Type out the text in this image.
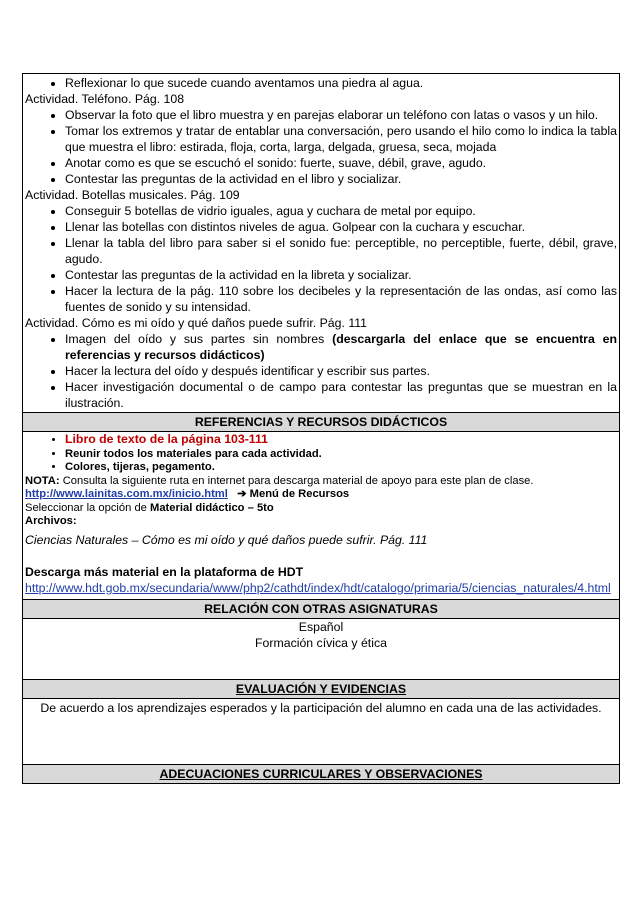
• Reflexionar lo que sucede cuando aventamos una piedra al agua.
Actividad. Teléfono. Pág. 108
• Observar la foto que el libro muestra y en parejas elaborar un teléfono con latas o vasos y un hilo.
• Tomar los extremos y tratar de entablar una conversación, pero usando el hilo como lo indica la tabla que muestra el libro: estirada, floja, corta, larga, delgada, gruesa, seca, mojada
• Anotar como es que se escuchó el sonido: fuerte, suave, débil, grave, agudo.
• Contestar las preguntas de la actividad en el libro y socializar.
Actividad. Botellas musicales. Pág. 109
• Conseguir 5 botellas de vidrio iguales, agua y cuchara de metal por equipo.
• Llenar las botellas con distintos niveles de agua. Golpear con la cuchara y escuchar.
• Llenar la tabla del libro para saber si el sonido fue: perceptible, no perceptible, fuerte, débil, grave, agudo.
• Contestar las preguntas de la actividad en la libreta y socializar.
• Hacer la lectura de la pág. 110 sobre los decibeles y la representación de las ondas, así como las fuentes de sonido y su intensidad.
Actividad. Cómo es mi oído y qué daños puede sufrir. Pág. 111
• Imagen del oído y sus partes sin nombres (descargarla del enlace que se encuentra en referencias y recursos didácticos)
• Hacer la lectura del oído y después identificar y escribir sus partes.
• Hacer investigación documental o de campo para contestar las preguntas que se muestran en la ilustración.

REFERENCIAS Y RECURSOS DIDÁCTICOS

• Libro de texto de la página 103-111
• Reunir todos los materiales para cada actividad.
• Colores, tijeras, pegamento.
NOTA: Consulta la siguiente ruta en internet para descarga material de apoyo para este plan de clase.
http://www.lainitas.com.mx/inicio.html ➔ Menú de Recursos
Seleccionar la opción de Material didáctico – 5to
Archivos:
Ciencias Naturales – Cómo es mi oído y qué daños puede sufrir. Pág. 111
Descarga más material en la plataforma de HDT
http://www.hdt.gob.mx/secundaria/www/php2/cathdt/index/hdt/catalogo/primaria/5/ciencias_naturales/4.html

RELACIÓN CON OTRAS ASIGNATURAS

Español
Formación cívica y ética

EVALUACIÓN Y EVIDENCIAS

De acuerdo a los aprendizajes esperados y la participación del alumno en cada una de las actividades.

ADECUACIONES CURRICULARES Y OBSERVACIONES
